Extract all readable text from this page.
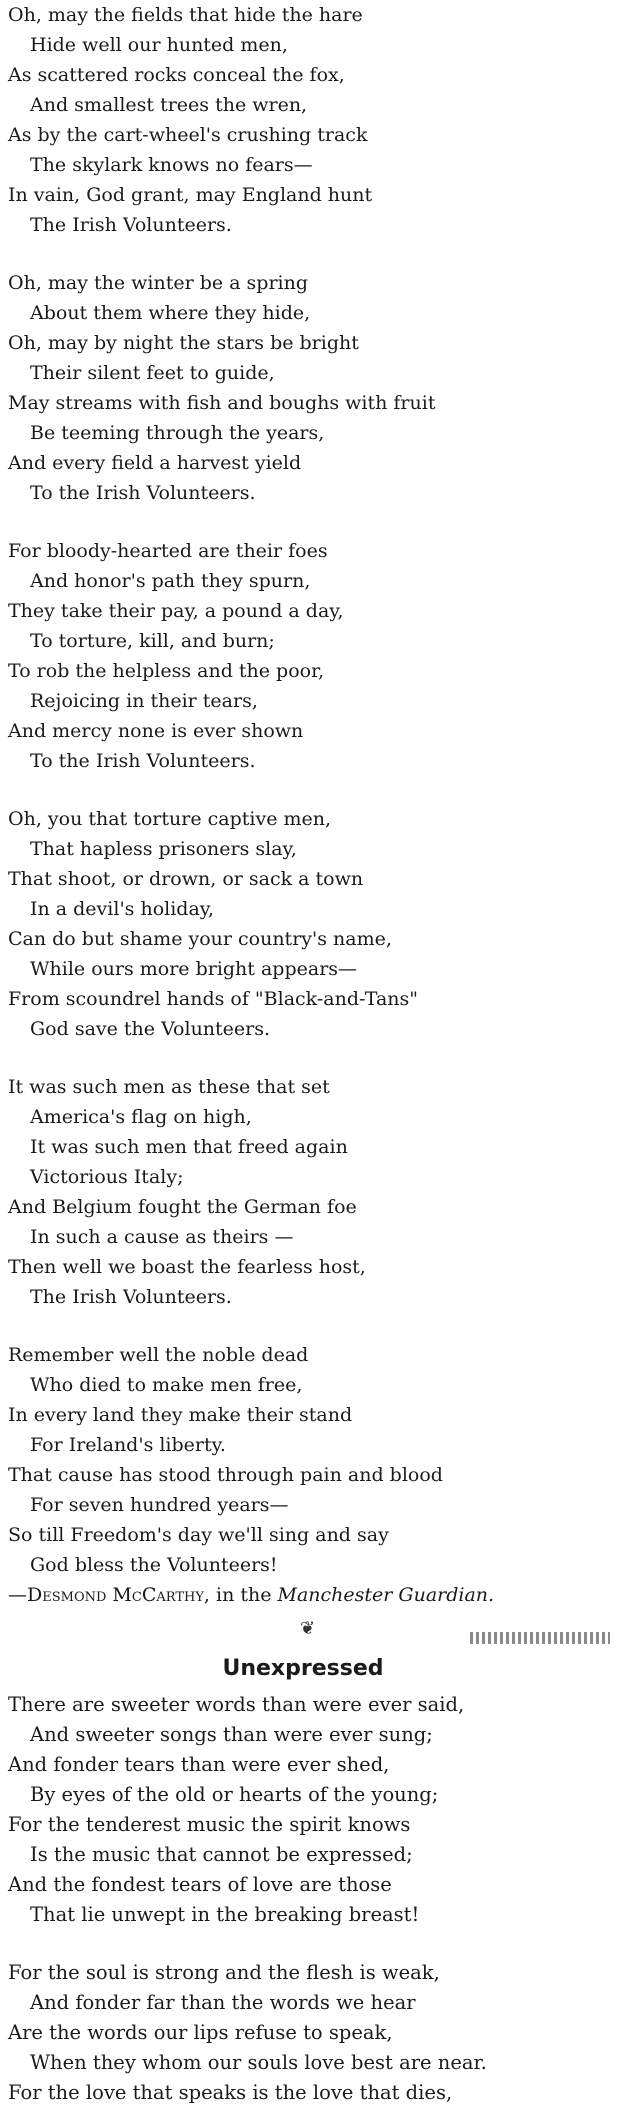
Oh, may the fields that hide the hare
Hide well our hunted men,
As scattered rocks conceal the fox,
And smallest trees the wren,
As by the cart-wheel's crushing track
The skylark knows no fears—
In vain, God grant, may England hunt
The Irish Volunteers.
Oh, may the winter be a spring
About them where they hide,
Oh, may by night the stars be bright
Their silent feet to guide,
May streams with fish and boughs with fruit
Be teeming through the years,
And every field a harvest yield
To the Irish Volunteers.
For bloody-hearted are their foes
And honor's path they spurn,
They take their pay, a pound a day,
To torture, kill, and burn;
To rob the helpless and the poor,
Rejoicing in their tears,
And mercy none is ever shown
To the Irish Volunteers.
Oh, you that torture captive men,
That hapless prisoners slay,
That shoot, or drown, or sack a town
In a devil's holiday,
Can do but shame your country's name,
While ours more bright appears—
From scoundrel hands of "Black-and-Tans"
God save the Volunteers.
It was such men as these that set
America's flag on high,
It was such men that freed again
Victorious Italy;
And Belgium fought the German foe
In such a cause as theirs —
Then well we boast the fearless host,
The Irish Volunteers.
Remember well the noble dead
Who died to make men free,
In every land they make their stand
For Ireland's liberty.
That cause has stood through pain and blood
For seven hundred years—
So till Freedom's day we'll sing and say
God bless the Volunteers!
—Desmond McCarthy, in the Manchester Guardian.
❦
Unexpressed
There are sweeter words than were ever said,
And sweeter songs than were ever sung;
And fonder tears than were ever shed,
By eyes of the old or hearts of the young;
For the tenderest music the spirit knows
Is the music that cannot be expressed;
And the fondest tears of love are those
That lie unwept in the breaking breast!
For the soul is strong and the flesh is weak,
And fonder far than the words we hear
Are the words our lips refuse to speak,
When they whom our souls love best are near.
For the love that speaks is the love that dies,
